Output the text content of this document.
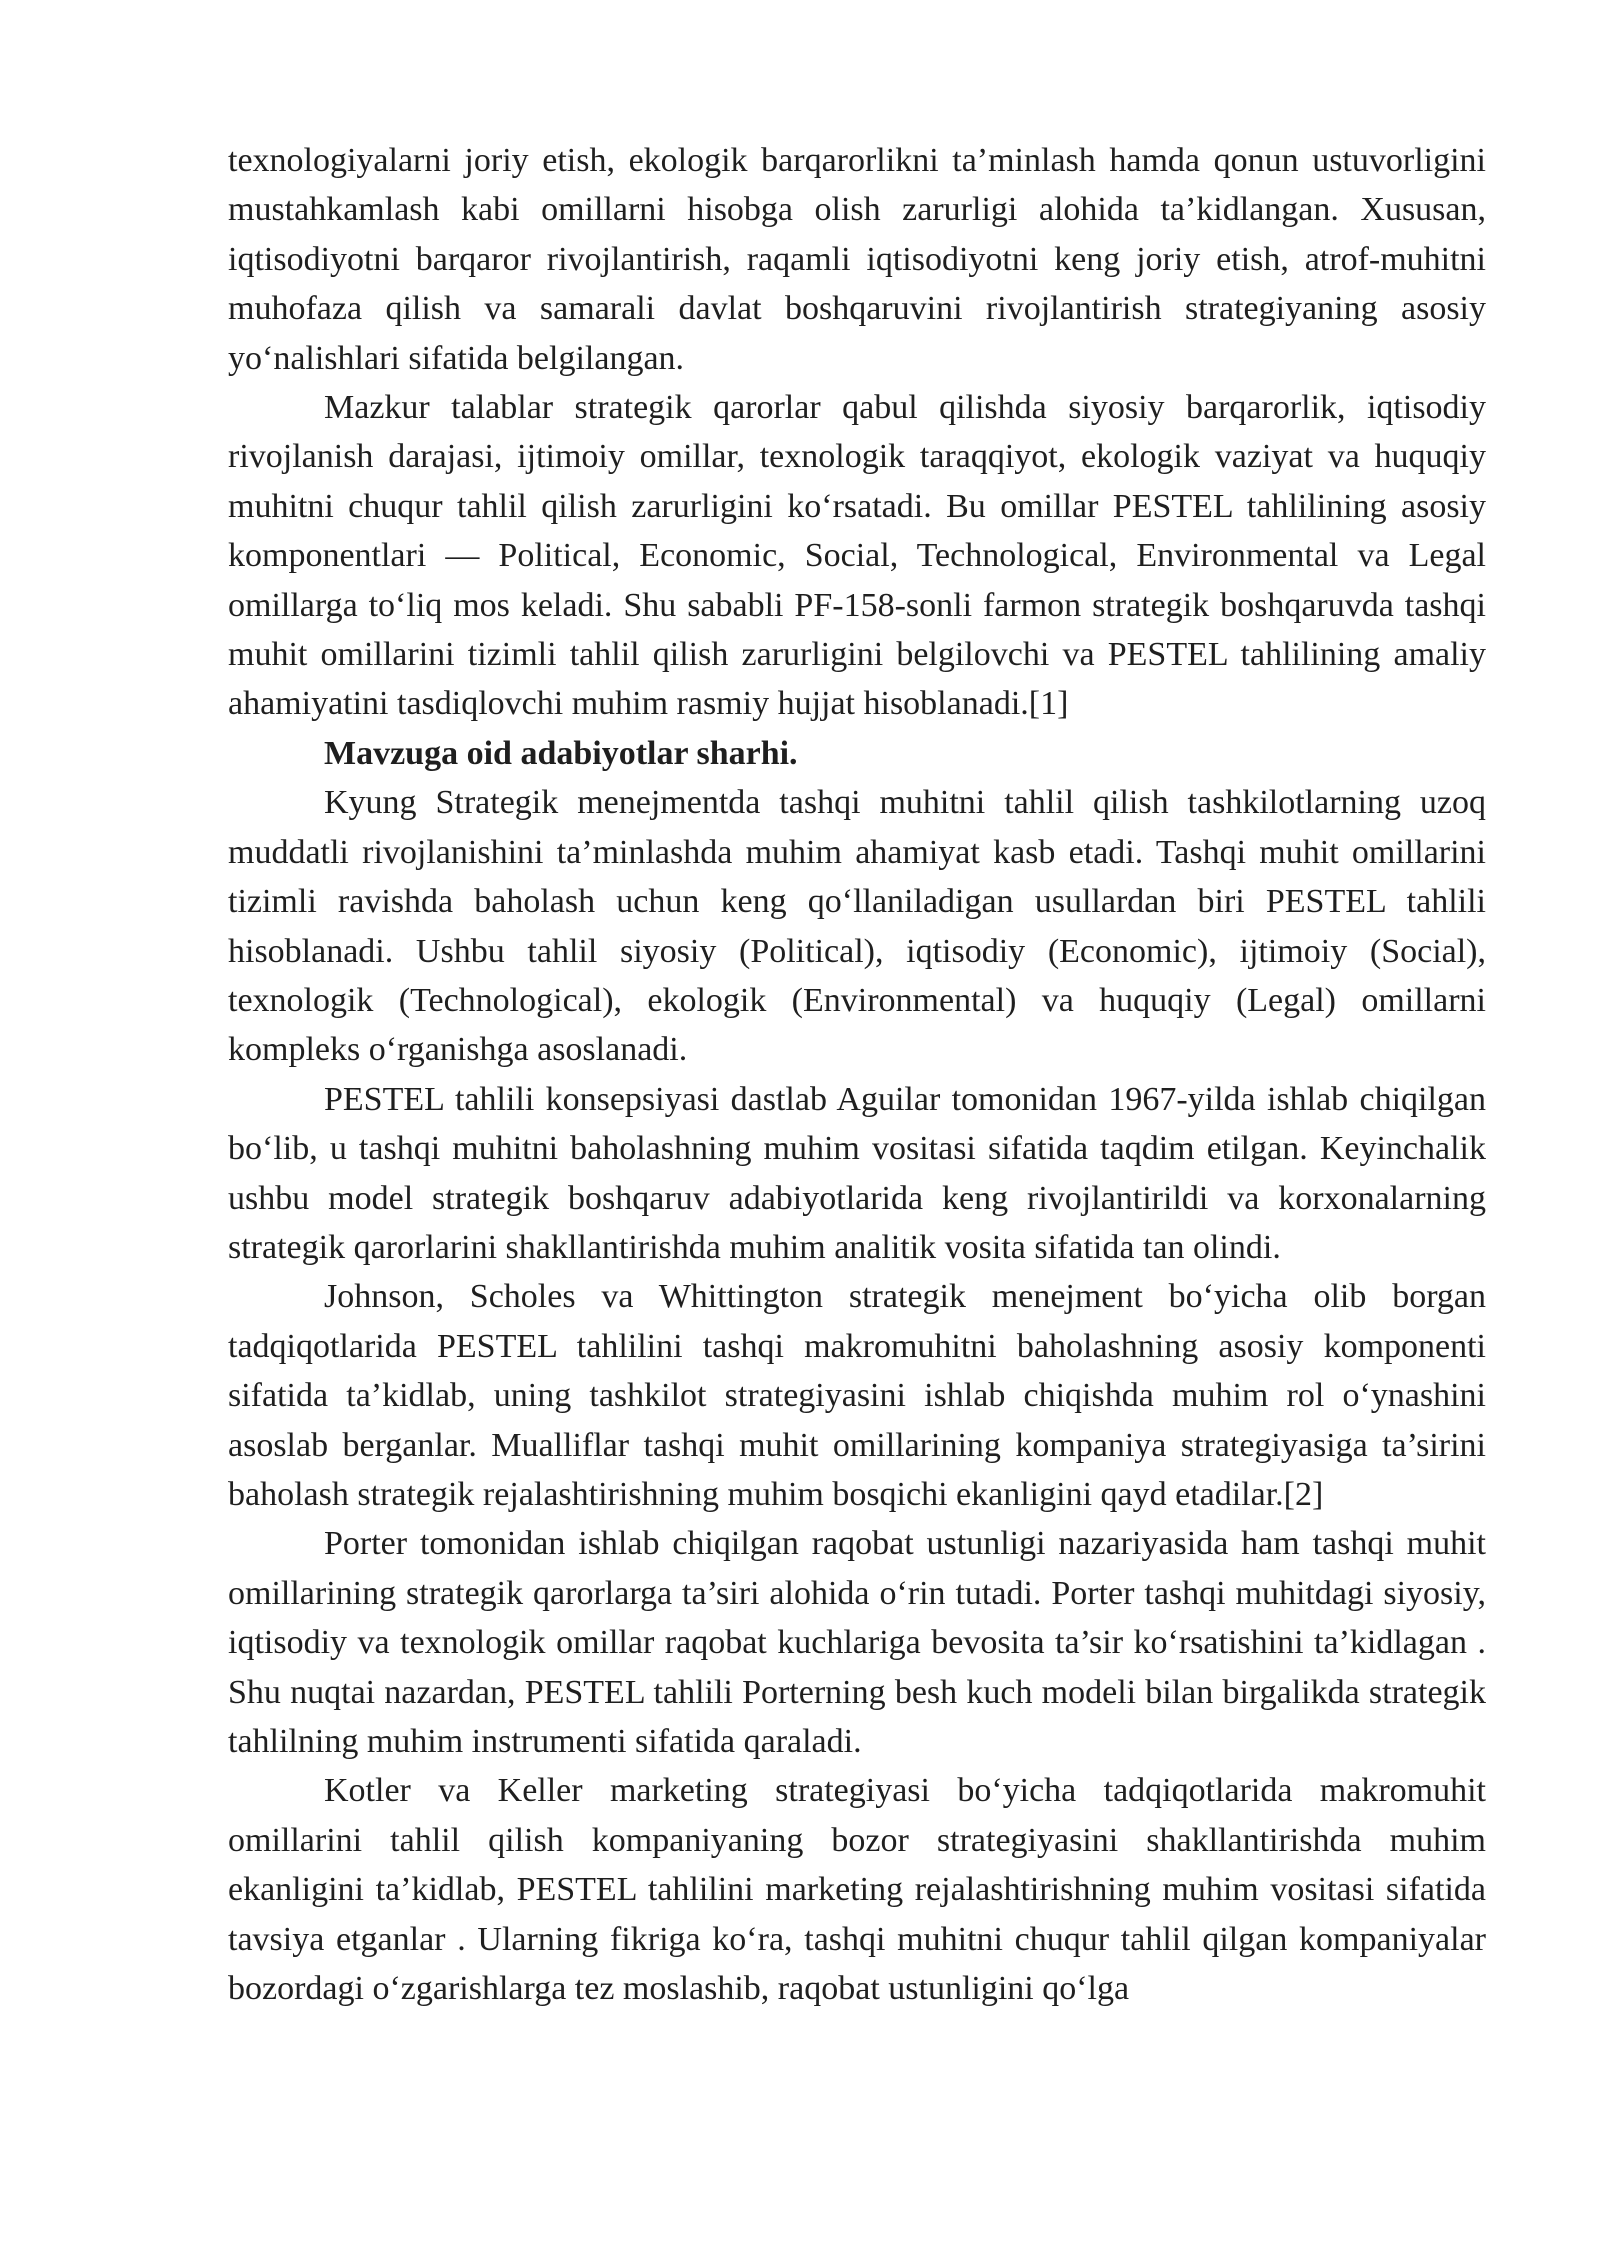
texnologiyalarni joriy etish, ekologik barqarorlikni ta’minlash hamda qonun ustuvorligini mustahkamlash kabi omillarni hisobga olish zarurligi alohida ta’kidlangan. Xususan, iqtisodiyotni barqaror rivojlantirish, raqamli iqtisodiyotni keng joriy etish, atrof-muhitni muhofaza qilish va samarali davlat boshqaruvini rivojlantirish strategiyaning asosiy yo‘nalishlari sifatida belgilangan.

Mazkur talablar strategik qarorlar qabul qilishda siyosiy barqarorlik, iqtisodiy rivojlanish darajasi, ijtimoiy omillar, texnologik taraqqiyot, ekologik vaziyat va huquqiy muhitni chuqur tahlil qilish zarurligini ko‘rsatadi. Bu omillar PESTEL tahlilining asosiy komponentlari — Political, Economic, Social, Technological, Environmental va Legal omillarga to‘liq mos keladi. Shu sababli PF-158-sonli farmon strategik boshqaruvda tashqi muhit omillarini tizimli tahlil qilish zarurligini belgilovchi va PESTEL tahlilining amaliy ahamiyatini tasdiqlovchi muhim rasmiy hujjat hisoblanadi.[1]

Mavzuga oid adabiyotlar sharhi.

Kyung Strategik menejmentda tashqi muhitni tahlil qilish tashkilotlarning uzoq muddatli rivojlanishini ta’minlashda muhim ahamiyat kasb etadi. Tashqi muhit omillarini tizimli ravishda baholash uchun keng qo‘llaniladigan usullardan biri PESTEL tahlili hisoblanadi. Ushbu tahlil siyosiy (Political), iqtisodiy (Economic), ijtimoiy (Social), texnologik (Technological), ekologik (Environmental) va huquqiy (Legal) omillarni kompleks o‘rganishga asoslanadi.

PESTEL tahlili konsepsiyasi dastlab Aguilar tomonidan 1967-yilda ishlab chiqilgan bo‘lib, u tashqi muhitni baholashning muhim vositasi sifatida taqdim etilgan. Keyinchalik ushbu model strategik boshqaruv adabiyotlarida keng rivojlantirildi va korxonalarning strategik qarorlarini shakllantirishda muhim analitik vosita sifatida tan olindi.

Johnson, Scholes va Whittington strategik menejment bo‘yicha olib borgan tadqiqotlarida PESTEL tahlilini tashqi makromuhitni baholashning asosiy komponenti sifatida ta’kidlab, uning tashkilot strategiyasini ishlab chiqishda muhim rol o‘ynashini asoslab berganlar. Mualliflar tashqi muhit omillarining kompaniya strategiyasiga ta’sirini baholash strategik rejalashtirishning muhim bosqichi ekanligini qayd etadilar.[2]

Porter tomonidan ishlab chiqilgan raqobat ustunligi nazariyasida ham tashqi muhit omillarining strategik qarorlarga ta’siri alohida o‘rin tutadi. Porter tashqi muhitdagi siyosiy, iqtisodiy va texnologik omillar raqobat kuchlariga bevosita ta’sir ko‘rsatishini ta’kidlagan . Shu nuqtai nazardan, PESTEL tahlili Porterning besh kuch modeli bilan birgalikda strategik tahlilning muhim instrumenti sifatida qaraladi.

Kotler va Keller marketing strategiyasi bo‘yicha tadqiqotlarida makromuhit omillarini tahlil qilish kompaniyaning bozor strategiyasini shakllantirishda muhim ekanligini ta’kidlab, PESTEL tahlilini marketing rejalashtirishning muhim vositasi sifatida tavsiya etganlar . Ularning fikriga ko‘ra, tashqi muhitni chuqur tahlil qilgan kompaniyalar bozordagi o‘zgarishlarga tez moslashib, raqobat ustunligini qo‘lga
